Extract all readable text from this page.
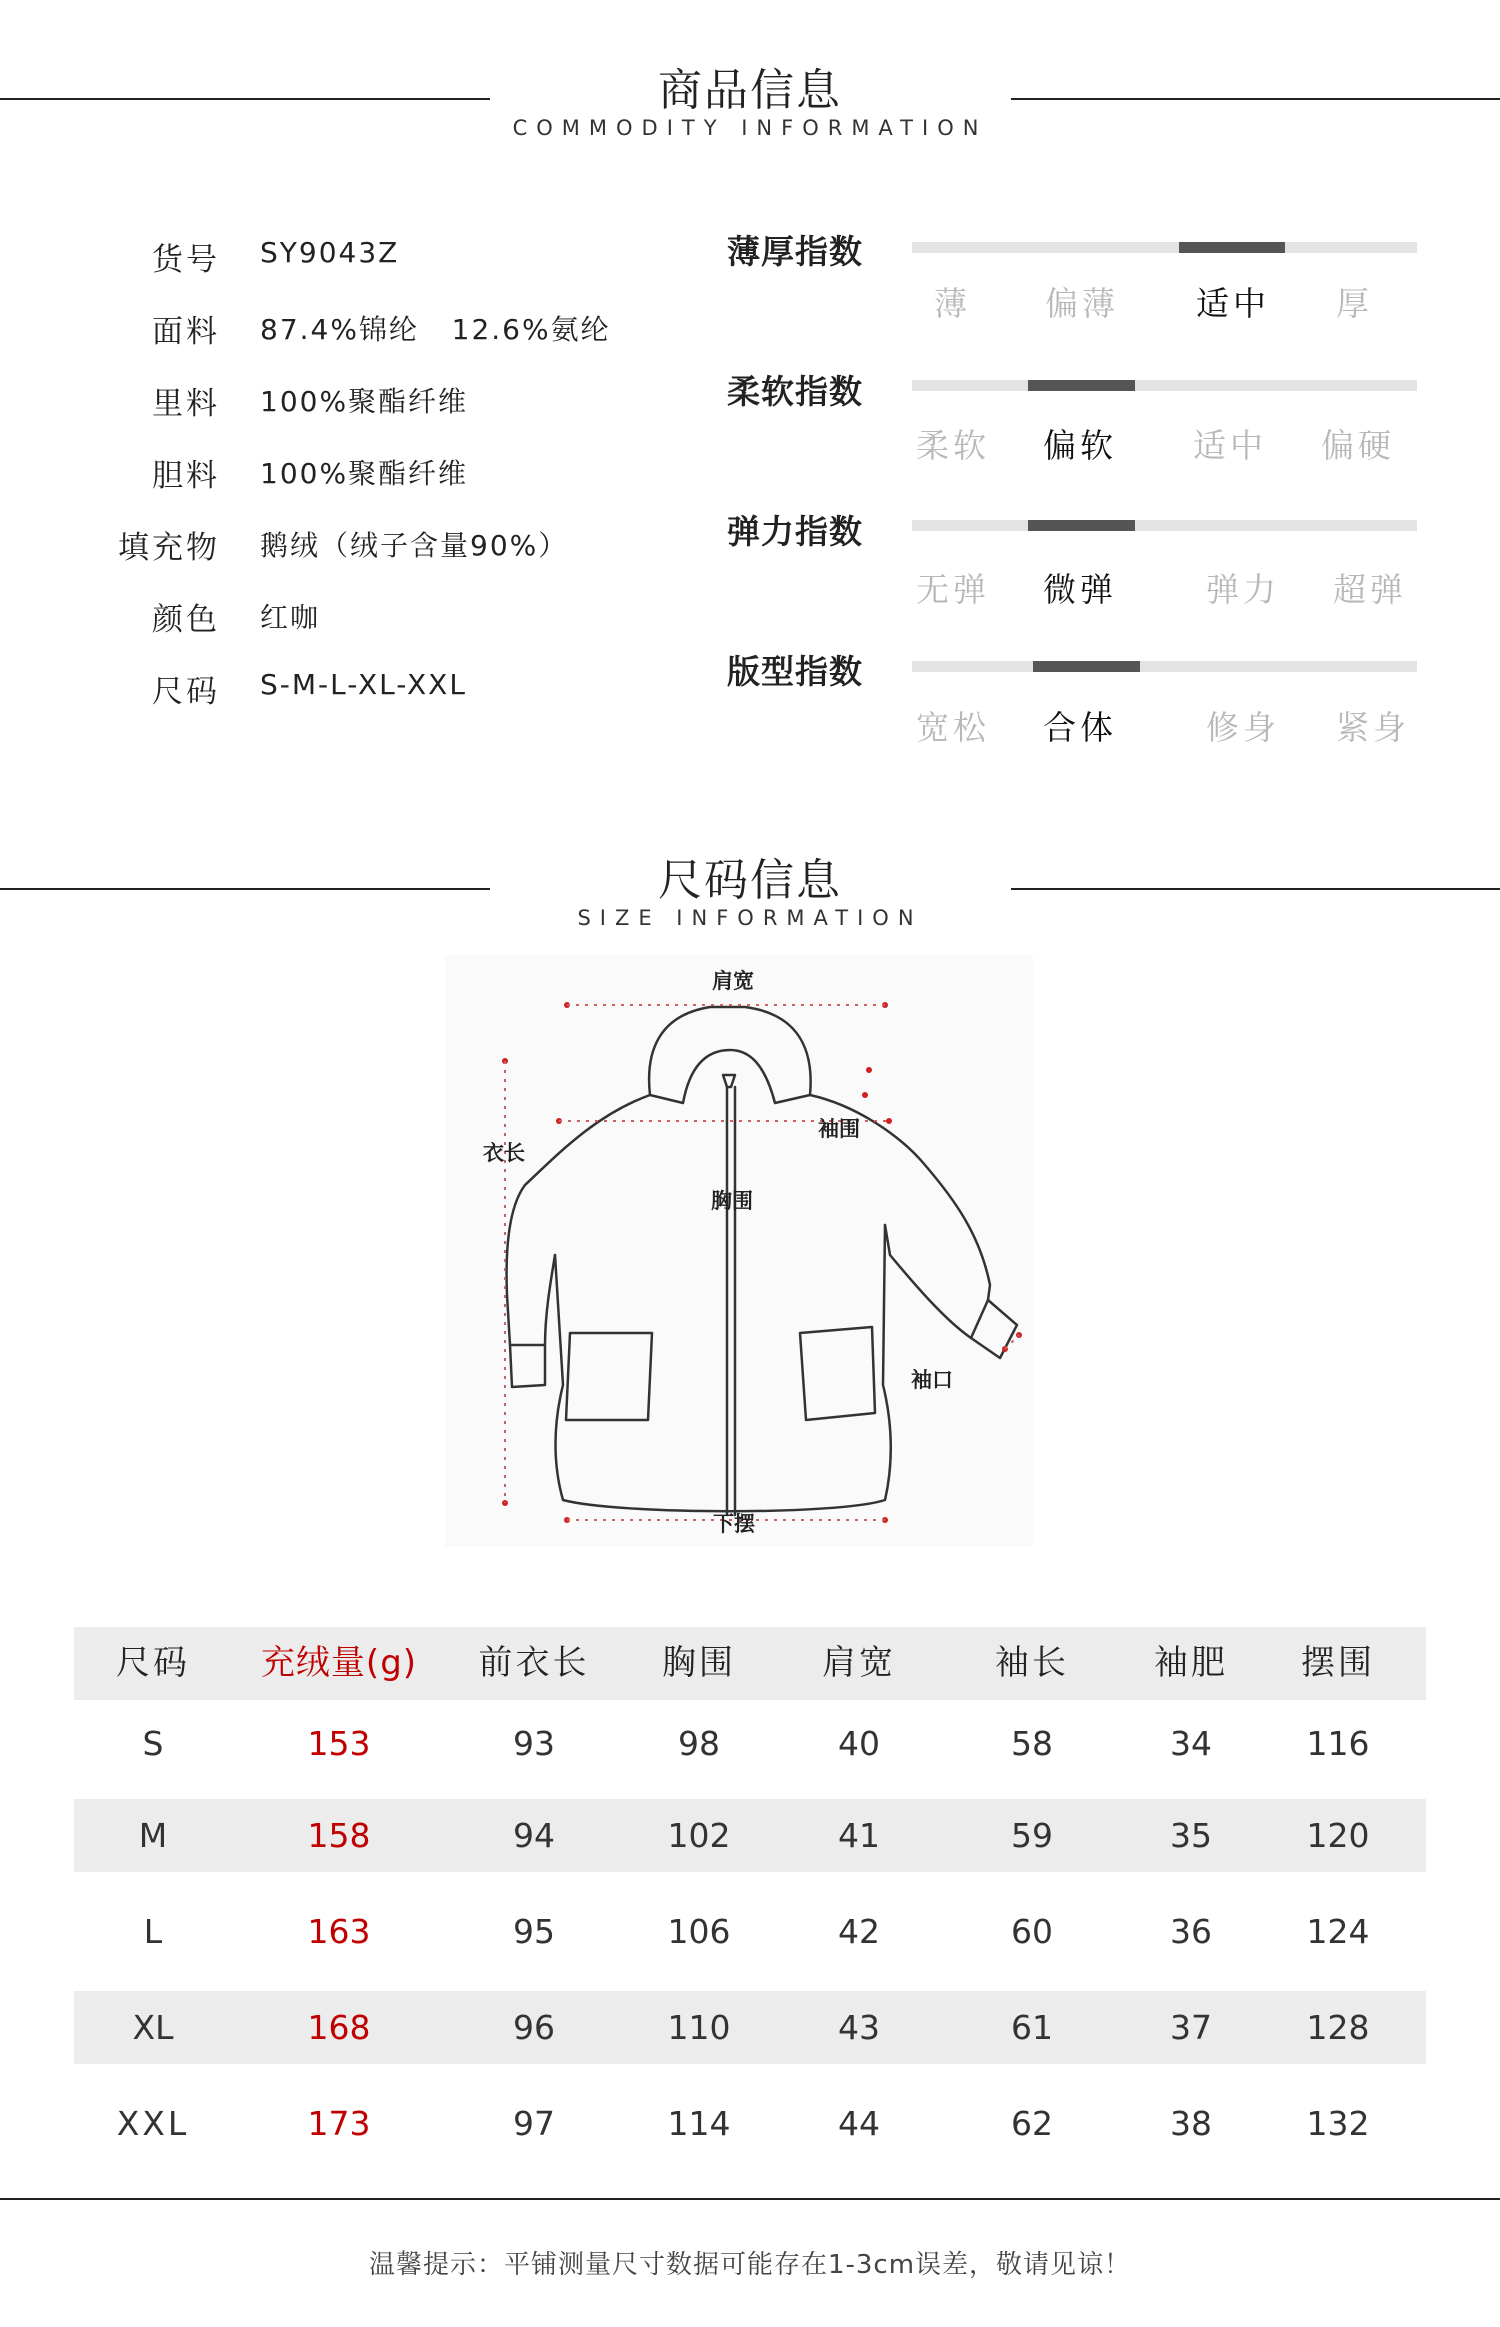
商品信息
COMMODITY INFORMATION
货号 SY9043Z
面料 87.4%锦纶   12.6%氨纶
里料 100%聚酯纤维
胆料 100%聚酯纤维
填充物 鹅绒（绒子含量90%）
颜色 红咖
尺码 S-M-L-XL-XXL
薄厚指数
薄 偏薄 适中 厚
柔软指数
柔软 偏软 适中 偏硬
弹力指数
无弹 微弹	弹力 超弹
版型指数
宽松 合体	修身 紧身
尺码信息
SIZE INFORMATION
肩宽
衣长
袖围
胸围
袖口
下摆
尺码	充绒量(g)	前衣长	胸围	肩宽	袖长	袖肥	摆围
S	153	93	98	40	58	34	116
M	158	94	102	41	59	35	120
L	163	95	106	42	60	36	124
XL	168	96	110	43	61	37	128
XXL	173	97	114	44	62	38	132
温馨提示：平铺测量尺寸数据可能存在1-3cm误差，敬请见谅！
